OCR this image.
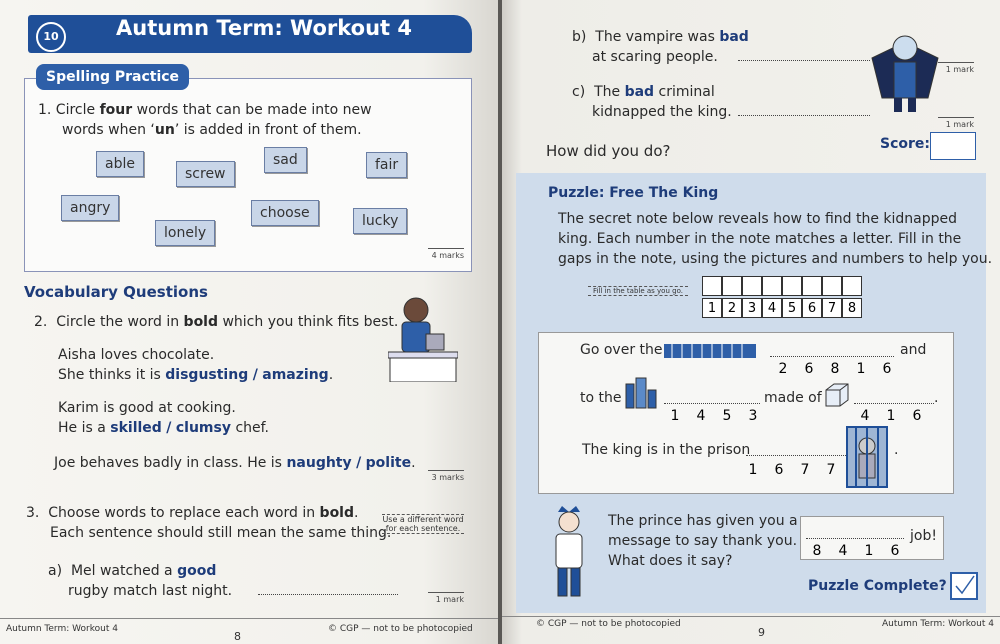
Autumn Term: Workout 4
10
Spelling Practice
1. Circle four words that can be made into new
words when ‘un’ is added in front of them.
able
screw
sad	fair
angry
lonely
choose	lucky
4 marks
Vocabulary Questions
2. Circle the word in bold which you think fits best.
Aisha loves chocolate.
She thinks it is disgusting / amazing.
Karim is good at cooking.
He is a skilled / clumsy chef.
Joe behaves badly in class. He is naughty / polite.
3 marks
3. Choose words to replace each word in bold.
Each sentence should still mean the same thing.
Use a different word for each sentence.
a) Mel watched a good
rugby match last night.
1 mark
Autumn Term: Workout 4
8
© CGP — not to be photocopied
b) The vampire was bad
at scaring people.
1 mark
c) The bad criminal
kidnapped the king.
1 mark
How did you do?	Score:
Puzzle: Free The King
The secret note below reveals how to find the kidnapped
king. Each number in the note matches a letter. Fill in the
gaps in the note, using the pictures and numbers to help you.
Fill in the table as you go.
1 2 3 4 5 6 7 8
Go over the
2 6 8 1 6
and
to the
1 4 5 3
made of
4 1 6
.
The king is in the prison
1 6 7 7
.
The prince has given you a
message to say thank you.
What does it say?
8 4 1 6
job!
Puzzle Complete?
© CGP — not to be photocopied
9
Autumn Term: Workout 4
